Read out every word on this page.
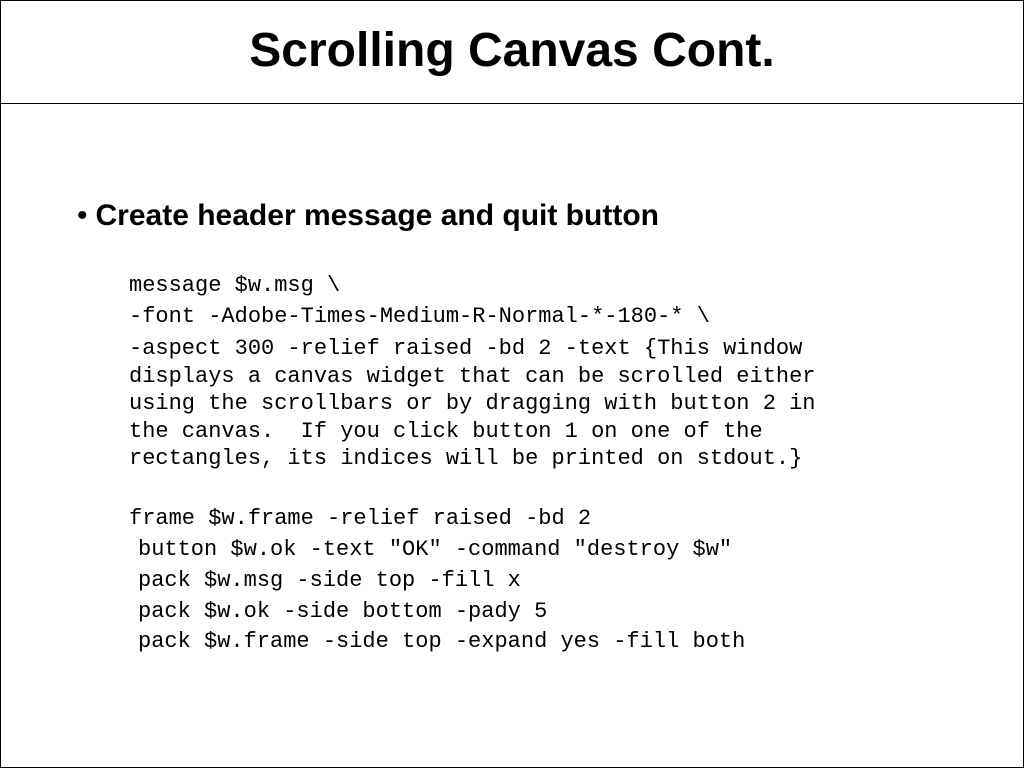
Scrolling Canvas Cont.
• Create header message and quit button
message $w.msg \
-font -Adobe-Times-Medium-R-Normal-*-180-* \
-aspect 300 -relief raised -bd 2 -text {This window
displays a canvas widget that can be scrolled either
using the scrollbars or by dragging with button 2 in
the canvas.  If you click button 1 on one of the
rectangles, its indices will be printed on stdout.}
frame $w.frame -relief raised -bd 2
button $w.ok -text "OK" -command "destroy $w"
pack $w.msg -side top -fill x
pack $w.ok -side bottom -pady 5
pack $w.frame -side top -expand yes -fill both
